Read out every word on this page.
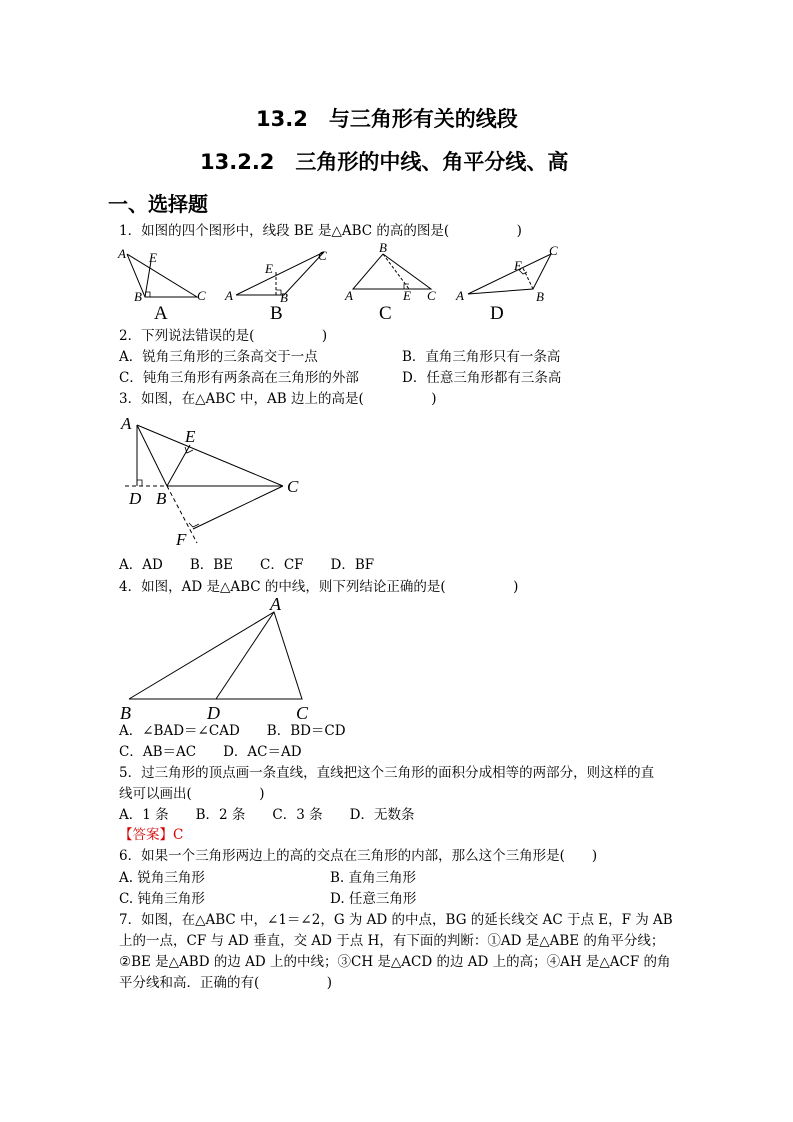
13.2　与三角形有关的线段
13.2.2　三角形的中线、角平分线、高
一、选择题
1．如图的四个图形中，线段 BE 是△ABC 的高的图是(　　　　　)
A E
B	C
A
E
C
A	B
B
B
A	E C
C
C
E
A	B
D
2．下列说法错误的是(　　　　　)
A．锐角三角形的三条高交于一点	B．直角三角形只有一条高
C．钝角三角形有两条高在三角形的外部	D．任意三角形都有三条高
3．如图，在△ABC 中，AB 边上的高是(　　　　　)
A
E
D B
C
F
A．AD　　B．BE　　C．CF　　D．BF
4．如图，AD 是△ABC 的中线，则下列结论正确的是(　　　　　)
A
B	D	C
A．∠BAD＝∠CAD　　B．BD＝CD
C．AB＝AC　　D．AC＝AD
5．过三角形的顶点画一条直线，直线把这个三角形的面积分成相等的两部分，则这样的直
线可以画出(　　　　　)
A．1 条　　B．2 条　　C．3 条　　D．无数条
【答案】C
6．如果一个三角形两边上的高的交点在三角形的内部，那么这个三角形是(　　)
A. 锐角三角形	B. 直角三角形
C. 钝角三角形	D. 任意三角形
7．如图，在△ABC 中，∠1＝∠2，G 为 AD 的中点，BG 的延长线交 AC 于点 E，F 为 AB
上的一点，CF 与 AD 垂直，交 AD 于点 H，有下面的判断：①AD 是△ABE 的角平分线；
②BE 是△ABD 的边 AD 上的中线；③CH 是△ACD 的边 AD 上的高；④AH 是△ACF 的角
平分线和高．正确的有(　　　　　)
